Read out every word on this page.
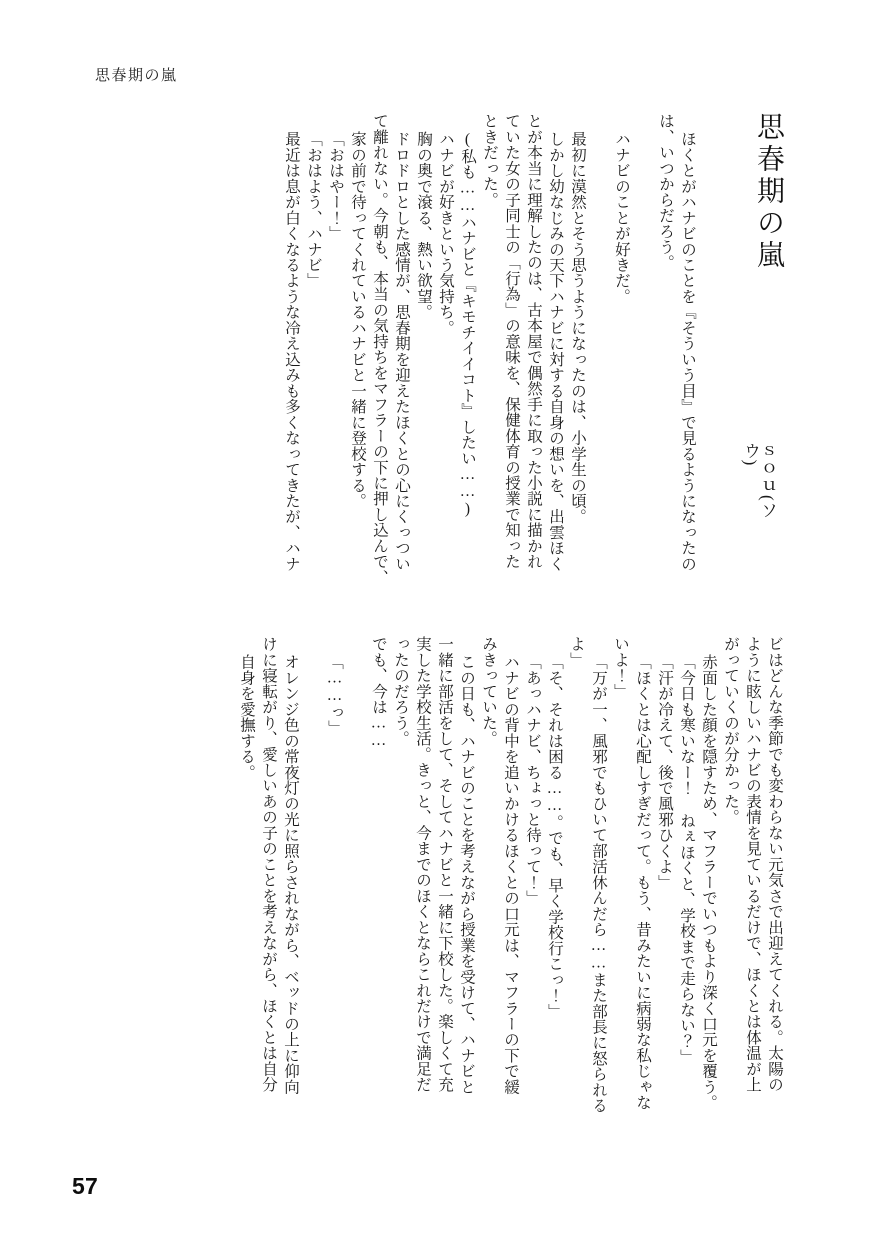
思春期の嵐
思春期の嵐
ｓｏｕ(ソウ)
ほくとがハナビのことを『そういう目』で見るようになったの
は、いつからだろう。
ハナビのことが好きだ。
最初に漠然とそう思うようになったのは、小学生の頃。
しかし幼なじみの天下ハナビに対する自身の想いを、出雲ほく
とが本当に理解したのは、古本屋で偶然手に取った小説に描かれ
ていた女の子同士の「行為」の意味を、保健体育の授業で知った
ときだった。
(私も……ハナビと『キモチイイコト』したい……)
ハナビが好きという気持ち。
胸の奥で滾る、熱い欲望。
ドロドロとした感情が、思春期を迎えたほくとの心にくっつい
て離れない。今朝も、本当の気持ちをマフラーの下に押し込んで、
家の前で待ってくれているハナビと一緒に登校する。
「おはやー！」
「おはよう、ハナビ」
最近は息が白くなるような冷え込みも多くなってきたが、ハナ
ビはどんな季節でも変わらない元気さで出迎えてくれる。太陽の
ように眩しいハナビの表情を見ているだけで、ほくとは体温が上
がっていくのが分かった。
赤面した顔を隠すため、マフラーでいつもより深く口元を覆う。
「今日も寒いなー！ ねぇほくと、学校まで走らない？」
「汗が冷えて、後で風邪ひくよ」
「ほくとは心配しすぎだって。もう、昔みたいに病弱な私じゃな
いよ！」
「万が一、風邪でもひいて部活休んだら……また部長に怒られる
よ」
「そ、それは困る……。でも、早く学校行こっ！」
「あっハナビ、ちょっと待って！」
ハナビの背中を追いかけるほくとの口元は、マフラーの下で緩
みきっていた。
この日も、ハナビのことを考えながら授業を受けて、ハナビと
一緒に部活をして、そしてハナビと一緒に下校した。楽しくて充
実した学校生活。きっと、今までのほくとならこれだけで満足だ
ったのだろう。
でも、今は……
「……っ」
オレンジ色の常夜灯の光に照らされながら、ベッドの上に仰向
けに寝転がり、愛しいあの子のことを考えながら、ほくとは自分
自身を愛撫する。
57
